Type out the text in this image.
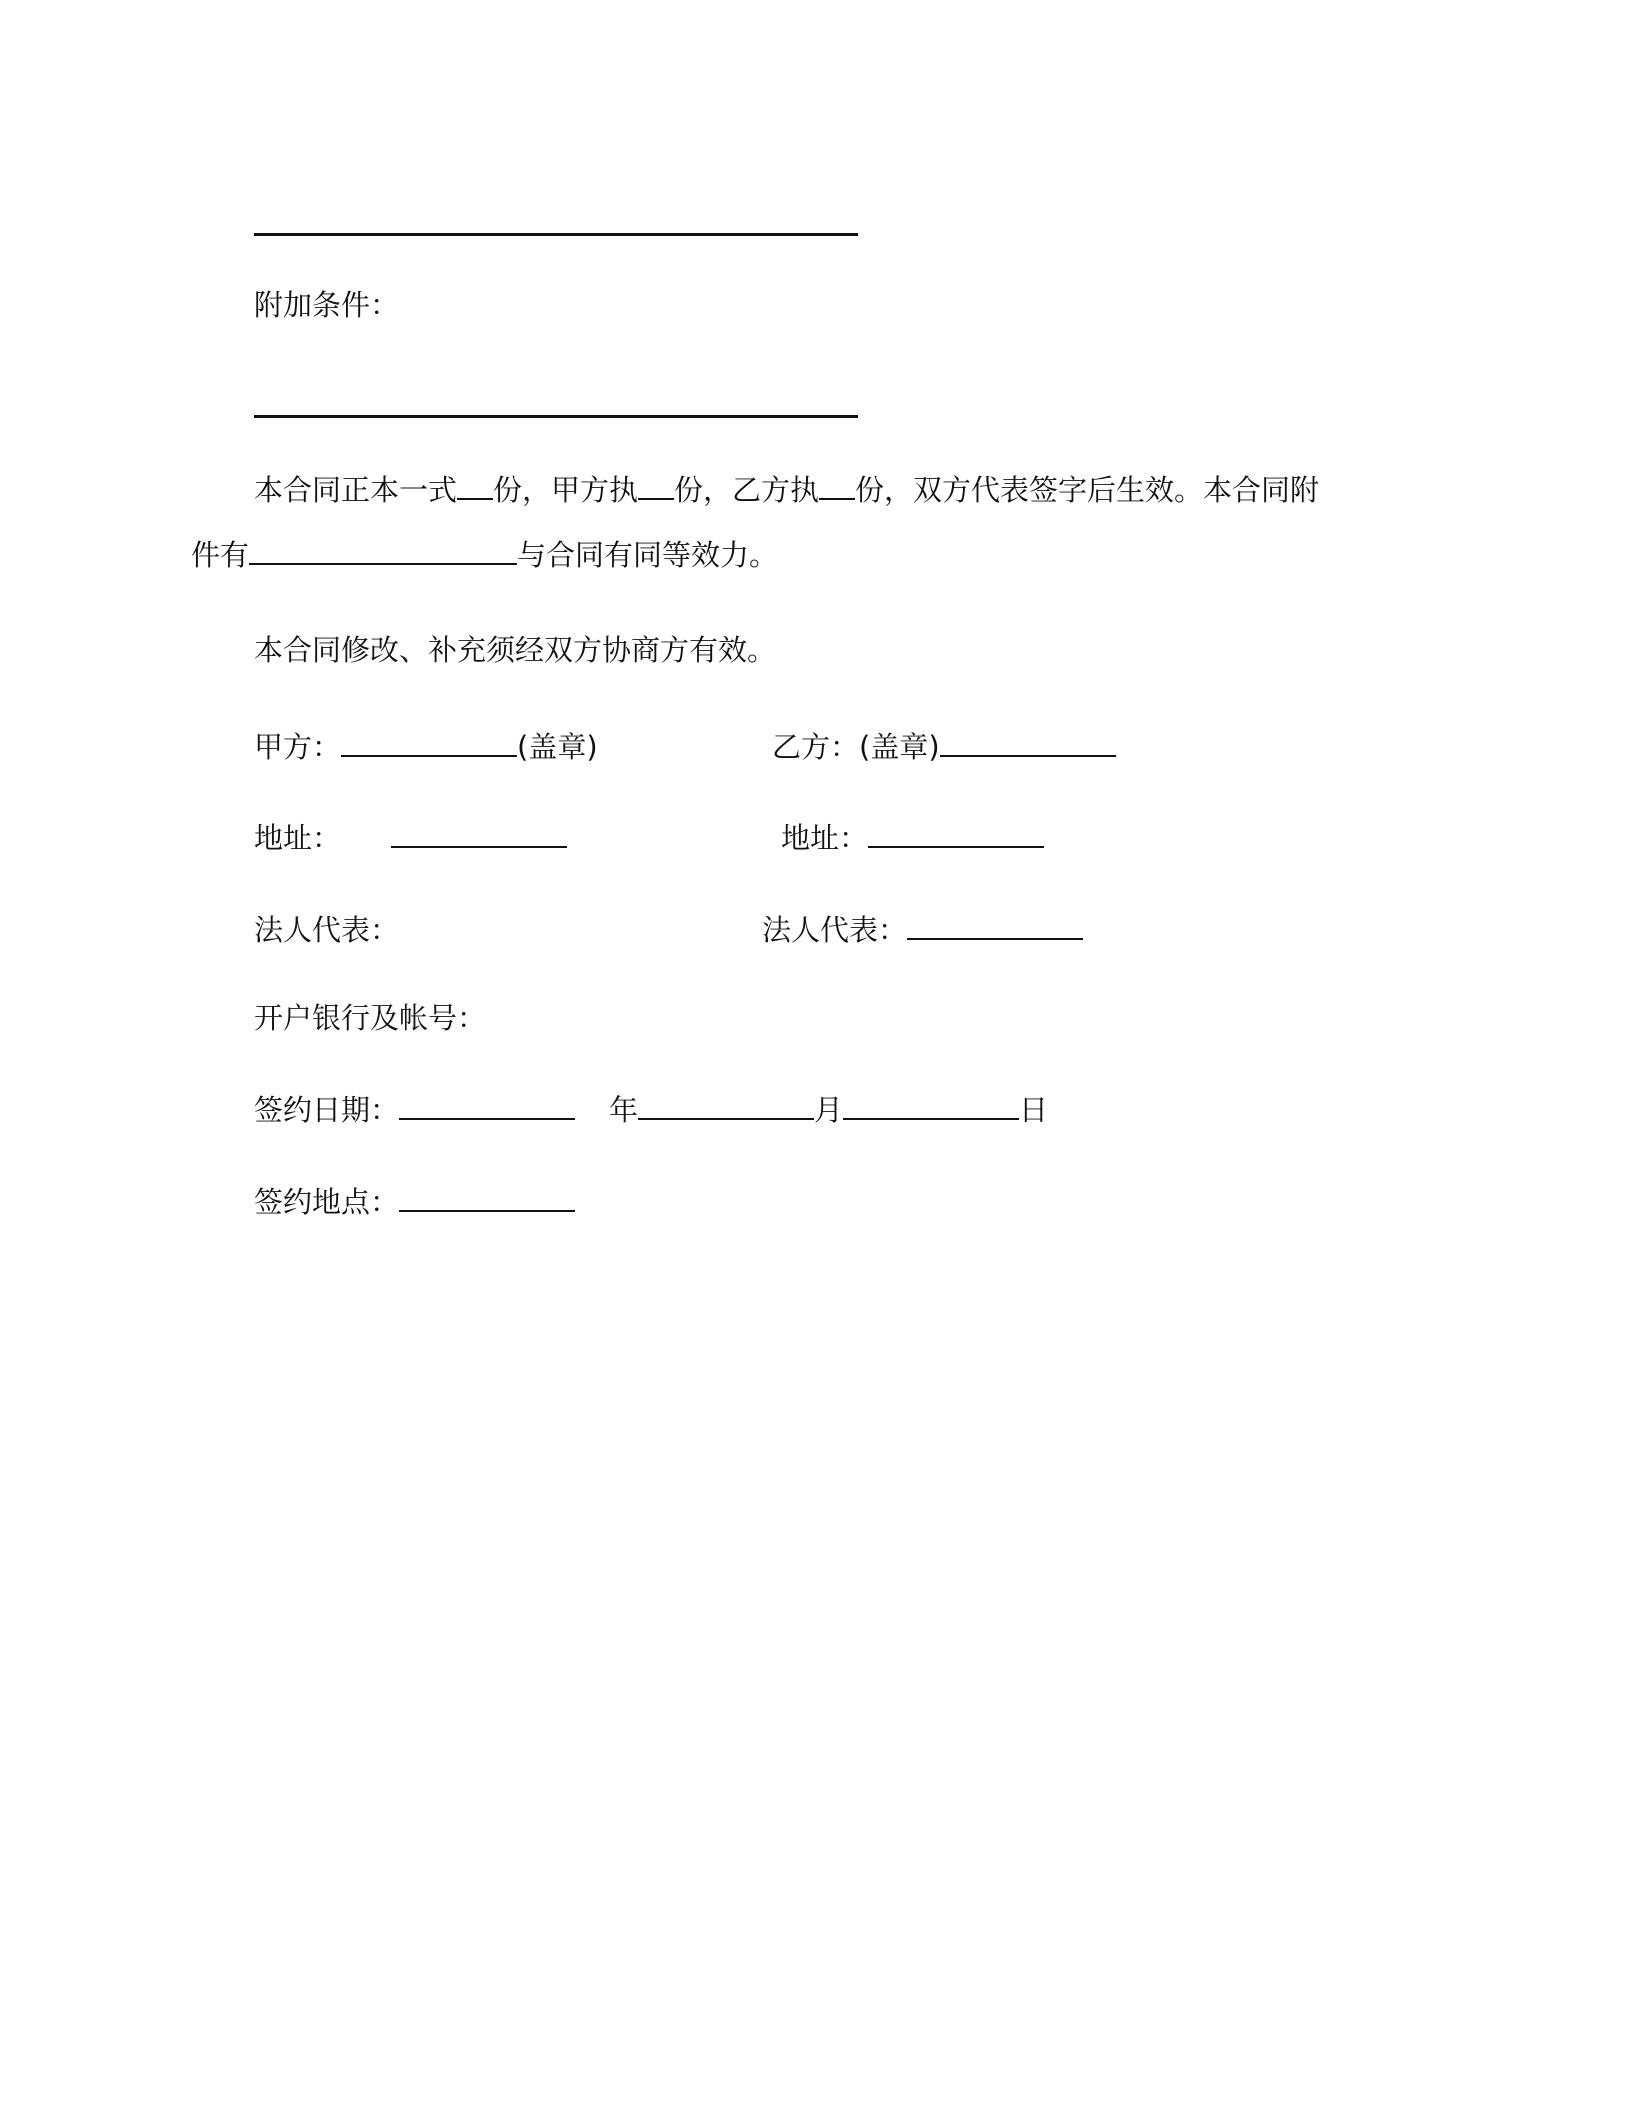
附加条件：
本合同正本一式 份，甲方执 份，乙方执 份，双方代表签字后生效。本合同附
件有	与合同有同等效力。
本合同修改、补充须经双方协商方有效。
甲方：	(盖章)	乙方：(盖章)
地址：	地址：
法人代表：	法人代表：
开户银行及帐号：
签约日期：	年	月	日
签约地点：
